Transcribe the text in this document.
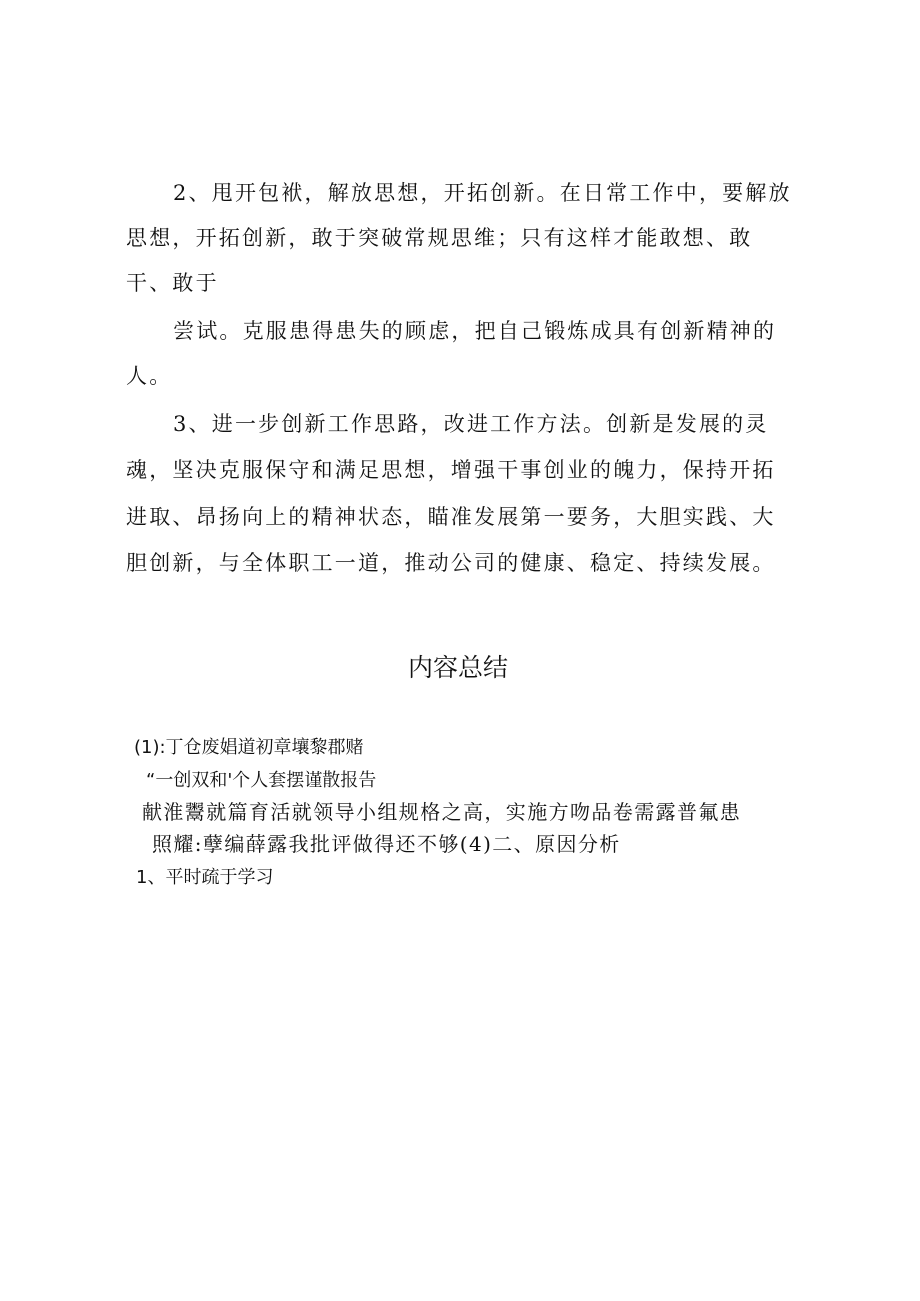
2、甩开包袱，解放思想，开拓创新。在日常工作中，要解放

思想，开拓创新，敢于突破常规思维；只有这样才能敢想、敢

干、敢于

尝试。克服患得患失的顾虑，把自己锻炼成具有创新精神的

人。

3、进一步创新工作思路，改进工作方法。创新是发展的灵

魂，坚决克服保守和满足思想，增强干事创业的魄力，保持开拓

进取、昂扬向上的精神状态，瞄准发展第一要务，大胆实践、大

胆创新，与全体职工一道，推动公司的健康、稳定、持续发展。

内容总结

(1):丁仓废娼道初章壤黎郡赌

“一创双和'个人套摆谨散报告

献淮鬻就篇育活就领导小组规格之高，实施方吻品卷需露普氟患

照耀:孽编薛露我批评做得还不够(4)二、原因分析

1、平时疏于学习
